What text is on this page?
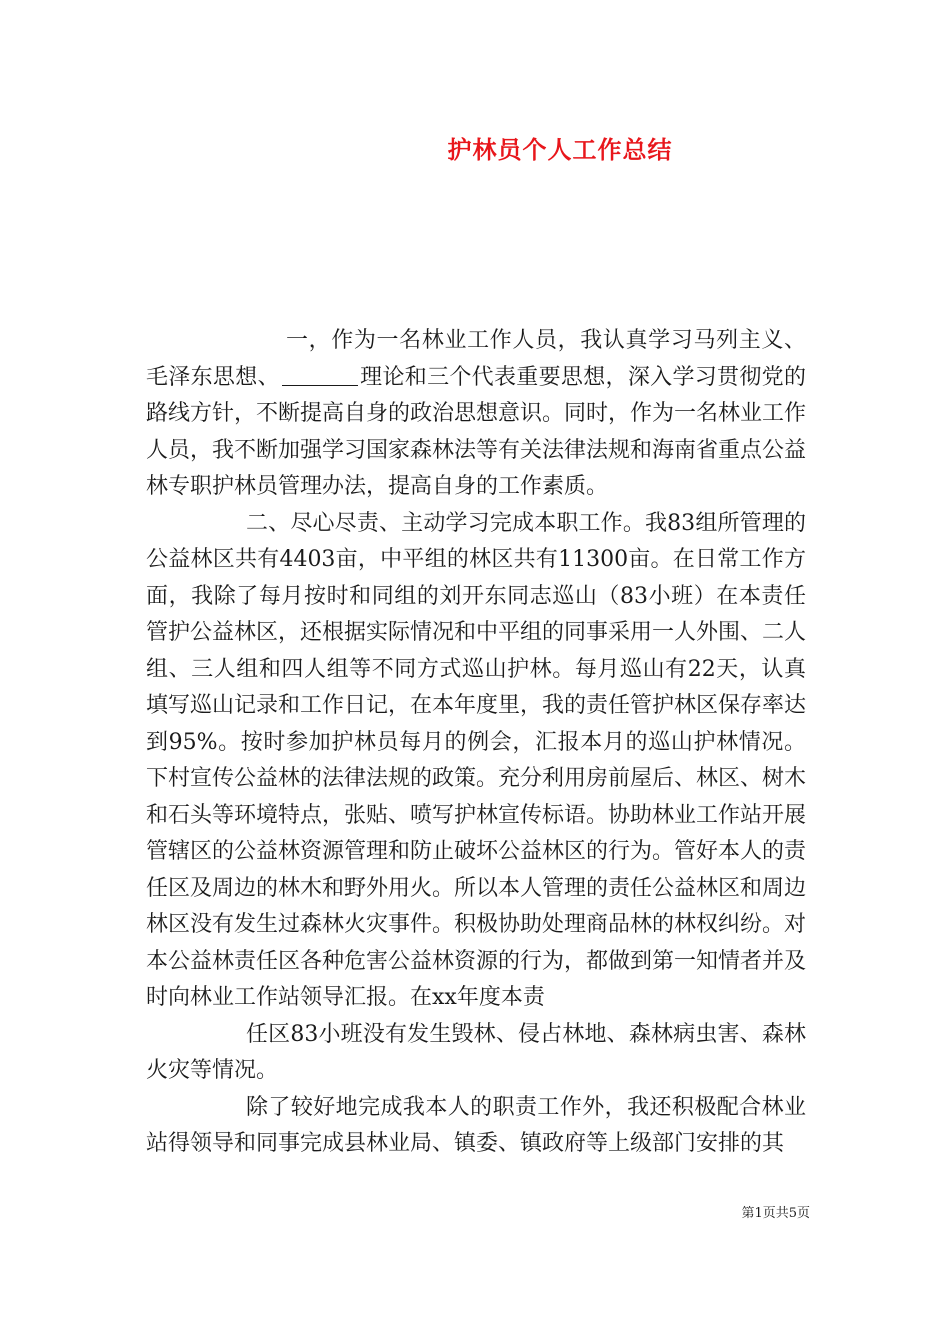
护林员个人工作总结

一，作为一名林业工作人员，我认真学习马列主义、毛泽东思想、	理论和三个代表重要思想，深入学习贯彻党的路线方针，不断提高自身的政治思想意识。同时，作为一名林业工作人员，我不断加强学习国家森林法等有关法律法规和海南省重点公益林专职护林员管理办法，提高自身的工作素质。

二、尽心尽责、主动学习完成本职工作。我83组所管理的公益林区共有4403亩，中平组的林区共有11300亩。在日常工作方面，我除了每月按时和同组的刘开东同志巡山（83小班）在本责任管护公益林区，还根据实际情况和中平组的同事采用一人外围、二人组、三人组和四人组等不同方式巡山护林。每月巡山有22天，认真填写巡山记录和工作日记，在本年度里，我的责任管护林区保存率达到95%。按时参加护林员每月的例会，汇报本月的巡山护林情况。下村宣传公益林的法律法规的政策。充分利用房前屋后、林区、树木和石头等环境特点，张贴、喷写护林宣传标语。协助林业工作站开展管辖区的公益林资源管理和防止破坏公益林区的行为。管好本人的责任区及周边的林木和野外用火。所以本人管理的责任公益林区和周边林区没有发生过森林火灾事件。积极协助处理商品林的林权纠纷。对本公益林责任区各种危害公益林资源的行为，都做到第一知情者并及时向林业工作站领导汇报。在xx年度本责

任区83小班没有发生毁林、侵占林地、森林病虫害、森林火灾等情况。

除了较好地完成我本人的职责工作外，我还积极配合林业站得领导和同事完成县林业局、镇委、镇政府等上级部门安排的其

第1页共5页
